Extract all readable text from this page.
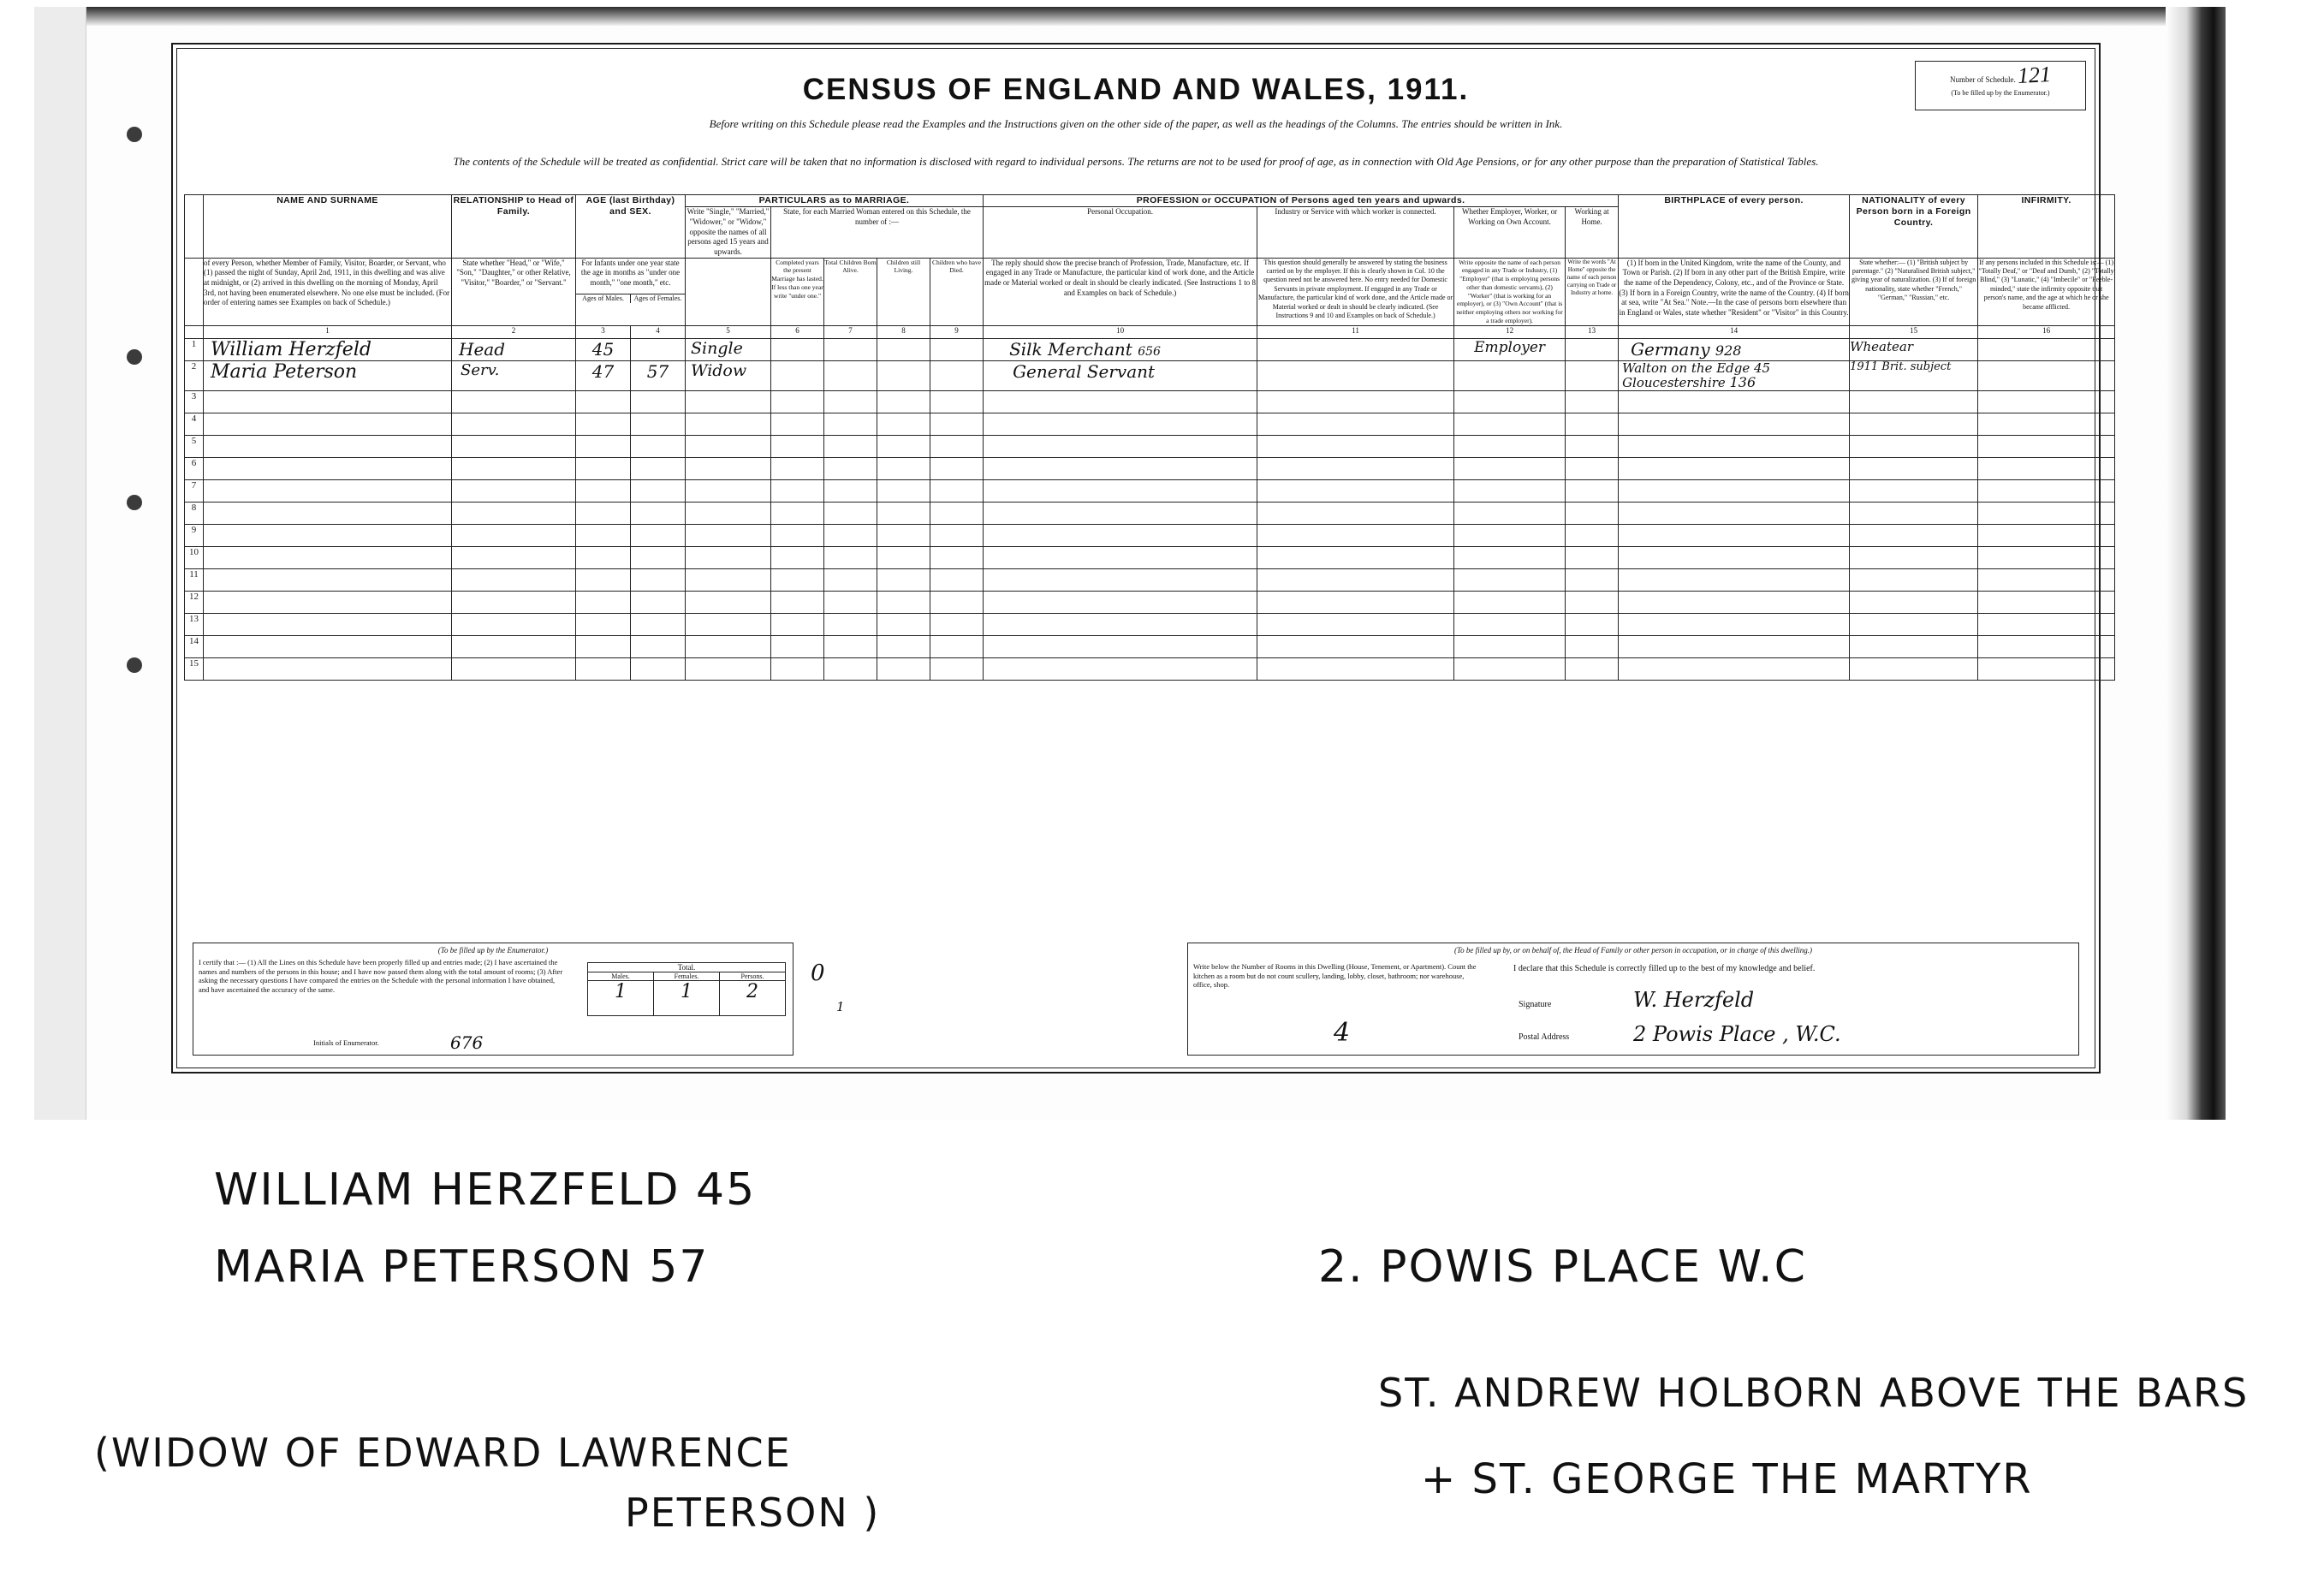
CENSUS OF ENGLAND AND WALES, 1911.
Before writing on this Schedule please read the Examples and the Instructions given on the other side of the paper, as well as the headings of the Columns. The entries should be written in Ink.
The contents of the Schedule will be treated as confidential. Strict care will be taken that no information is disclosed with regard to individual persons. The returns are not to be used for proof of age, as in connection with Old Age Pensions, or for any other purpose than the preparation of Statistical Tables.
Number of Schedule. 121
(To be filled up by the Enumerator.)
	NAME AND SURNAME	RELATIONSHIP to Head of Family.	AGE (last Birthday) and SEX.		PARTICULARS as to MARRIAGE.					PROFESSION or OCCUPATION of Persons aged ten years and upwards.				BIRTHPLACE of every person.	NATIONALITY of every Person born in a Foreign Country.	INFIRMITY.
					Write "Single," "Married," "Widower," or "Widow," opposite the names of all persons aged 15 years and upwards.	State, for each Married Woman entered on this Schedule, the number of :—				Personal Occupation.	Industry or Service with which worker is connected.	Whether Employer, Worker, or Working on Own Account.	Working at Home.			
	of every Person, whether Member of Family, Visitor, Boarder, or Servant, who (1) passed the night of Sunday, April 2nd, 1911, in this dwelling and was alive at midnight, or (2) arrived in this dwelling on the morning of Monday, April 3rd, not having been enumerated elsewhere. No one else must be included. (For order of entering names see Examples on back of Schedule.)	State whether "Head," or "Wife," "Son," "Daughter," or other Relative, "Visitor," "Boarder," or "Servant."	For Infants under one year state the age in months as "under one month," "one month," etc.
Ages of Males.	Ages of Females.
		Completed years the present Marriage has lasted. If less than one year write "under one."	Total Children Born Alive.	Children still Living.	Children who have Died.	The reply should show the precise branch of Profession, Trade, Manufacture, etc. If engaged in any Trade or Manufacture, the particular kind of work done, and the Article made or Material worked or dealt in should be clearly indicated. (See Instructions 1 to 8 and Examples on back of Schedule.)	This question should generally be answered by stating the business carried on by the employer. If this is clearly shown in Col. 10 the question need not be answered here. No entry needed for Domestic Servants in private employment. If engaged in any Trade or Manufacture, the particular kind of work done, and the Article made or Material worked or dealt in should be clearly indicated. (See Instructions 9 and 10 and Examples on back of Schedule.)	Write opposite the name of each person engaged in any Trade or Industry, (1) "Employer" (that is employing persons other than domestic servants), (2) "Worker" (that is working for an employer), or (3) "Own Account" (that is neither employing others nor working for a trade employer).	Write the words "At Home" opposite the name of each person carrying on Trade or Industry at home.	(1) If born in the United Kingdom, write the name of the County, and Town or Parish. (2) If born in any other part of the British Empire, write the name of the Dependency, Colony, etc., and of the Province or State. (3) If born in a Foreign Country, write the name of the Country. (4) If born at sea, write "At Sea." Note.—In the case of persons born elsewhere than in England or Wales, state whether "Resident" or "Visitor" in this Country.	State whether:— (1) "British subject by parentage." (2) "Naturalised British subject," giving year of naturalization. (3) If of foreign nationality, state whether "French," "German," "Russian," etc.	If any persons included in this Schedule is:— (1) "Totally Deaf," or "Deaf and Dumb," (2) "Totally Blind," (3) "Lunatic," (4) "Imbecile" or "Feeble-minded," state the infirmity opposite that person's name, and the age at which he or she became afflicted.
	1	2	3	4	5	6	7	8	9	10	11	12	13	14	15	16
1	William Herzfeld	Head	45		Single					Silk Merchant 656		Employer		Germany 928	Wheatear	
2	Maria Peterson	Serv.	47	57	Widow					General Servant				Walton on the Edge 45 Gloucestershire 136	1911 Brit. subject	
3																
4																
5																
6																
7																
8																
9																
10																
11																
12																
13																
14																
15																
(To be filled up by the Enumerator.)
I certify that :— (1) All the Lines on this Schedule have been properly filled up and entries made; (2) I have ascertained the names and numbers of the persons in this house; and I have now passed them along with the total amount of rooms; (3) After asking the necessary questions I have compared the entries on the Schedule with the personal information I have obtained, and have ascertained the accuracy of the same.
Initials of Enumerator.	676
Total.
Males.	Females.	Persons.
1	1	2
0
1
(To be filled up by, or on behalf of, the Head of Family or other person in occupation, or in charge of this dwelling.)
Write below the Number of Rooms in this Dwelling (House, Tenement, or Apartment). Count the kitchen as a room but do not count scullery, landing, lobby, closet, bathroom; nor warehouse, office, shop.
4
I declare that this Schedule is correctly filled up to the best of my knowledge and belief.
Signature	W. Herzfeld
Postal Address	2 Powis Place , W.C.
WILLIAM HERZFELD 45
MARIA PETERSON 57
(WIDOW OF EDWARD LAWRENCE
PETERSON )
2. POWIS PLACE W.C
ST. ANDREW HOLBORN ABOVE THE BARS
+ ST. GEORGE THE MARTYR
